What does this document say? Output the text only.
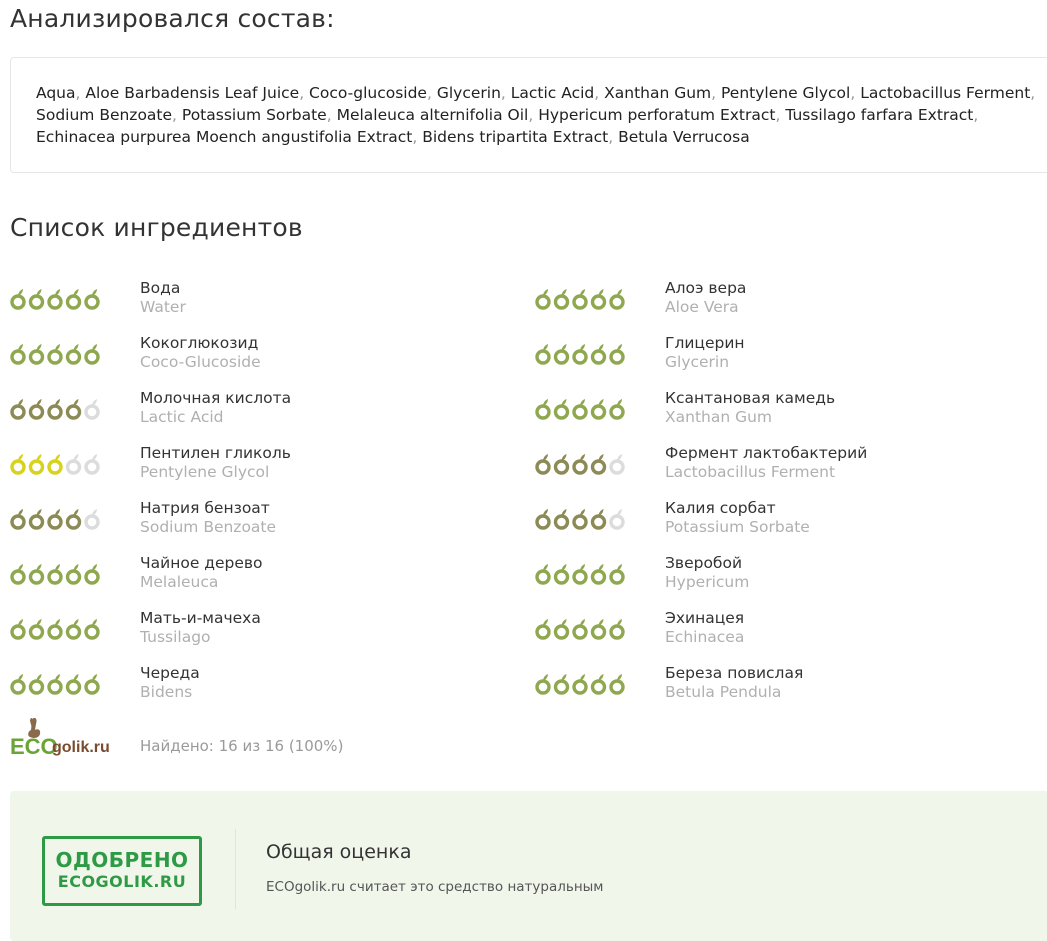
Анализировался состав:
Aqua, Aloe Barbadensis Leaf Juice, Coco-glucoside, Glycerin, Lactic Acid, Xanthan Gum, Pentylene Glycol, Lactobacillus Ferment, Sodium Benzoate, Potassium Sorbate, Melaleuca alternifolia Oil, Hypericum perforatum Extract, Tussilago farfara Extract, Echinacea purpurea Moench angustifolia Extract, Bidens tripartita Extract, Betula Verrucosa
Список ингредиентов
Вода
Water
Кокоглюкозид
Coco-Glucoside
Молочная кислота
Lactic Acid
Пентилен гликоль
Pentylene Glycol
Натрия бензоат
Sodium Benzoate
Чайное дерево
Melaleuca
Мать-и-мачеха
Tussilago
Череда
Bidens
Алоэ вера
Aloe Vera
Глицерин
Glycerin
Ксантановая камедь
Xanthan Gum
Фермент лактобактерий
Lactobacillus Ferment
Калия сорбат
Potassium Sorbate
Зверобой
Hypericum
Эхинацея
Echinacea
Береза повислая
Betula Pendula
ECO
golik.ru Найдено: 16 из 16 (100%)
ОДОБРЕНО
ECOGOLIK.RU
Общая оценка
ECOgolik.ru считает это средство натуральным
